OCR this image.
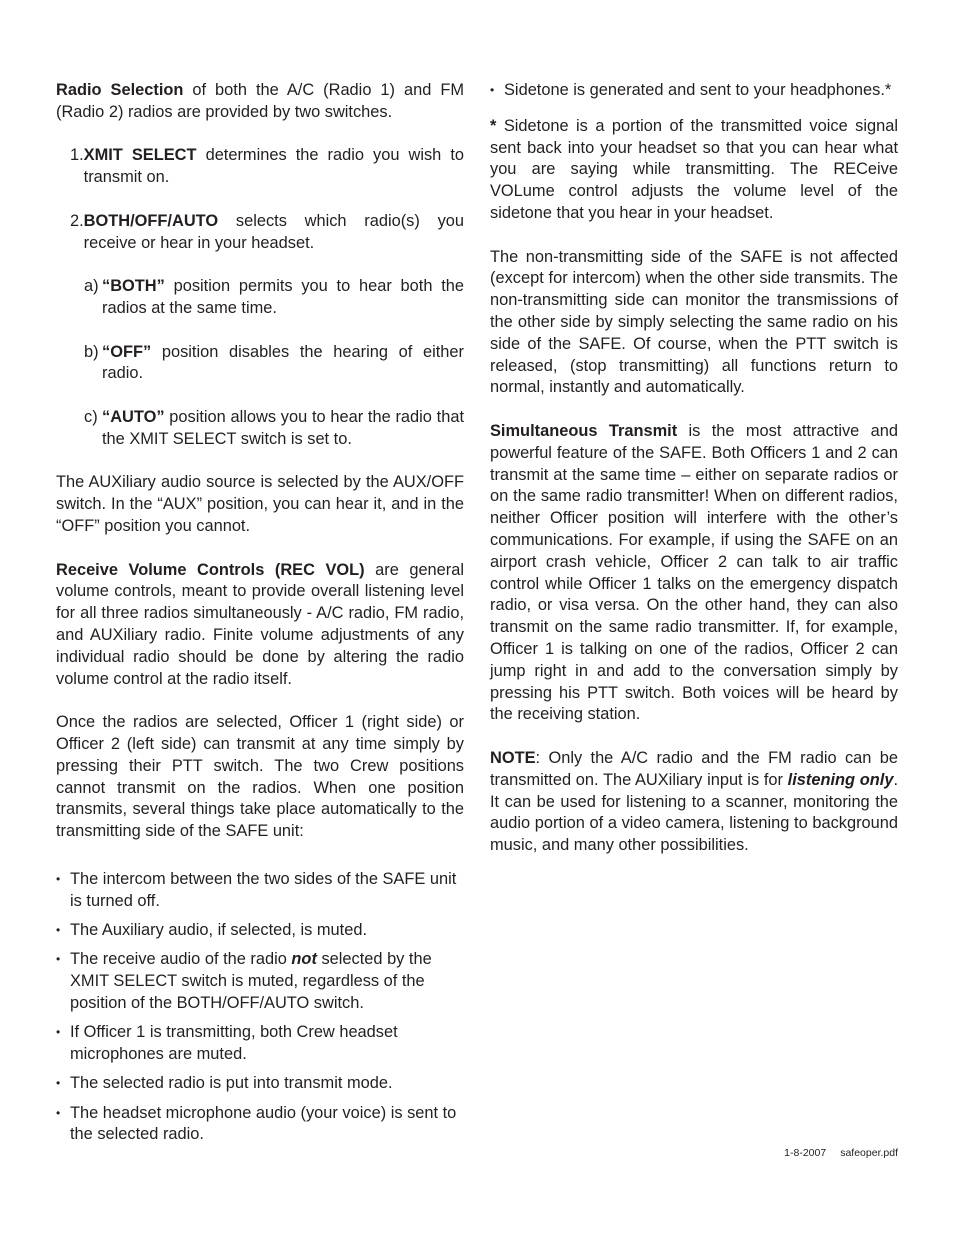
Radio Selection of both the A/C (Radio 1) and FM (Radio 2) radios are provided by two switches.

1. XMIT SELECT determines the radio you wish to transmit on.
2. BOTH/OFF/AUTO selects which radio(s) you receive or hear in your headset.
a) “BOTH” position permits you to hear both the radios at the same time.
b) “OFF” position disables the hearing of either radio.
c) “AUTO” position allows you to hear the radio that the XMIT SELECT switch is set to.

The AUXiliary audio source is selected by the AUX/OFF switch. In the “AUX” position, you can hear it, and in the “OFF” position you cannot.

Receive Volume Controls (REC VOL) are general volume controls, meant to provide overall listening level for all three radios simultaneously - A/C radio, FM radio, and AUXiliary radio. Finite volume adjustments of any individual radio should be done by altering the radio volume control at the radio itself.

Once the radios are selected, Officer 1 (right side) or Officer 2 (left side) can transmit at any time simply by pressing their PTT switch. The two Crew positions cannot transmit on the radios. When one position transmits, several things take place automatically to the transmitting side of the SAFE unit:

• The intercom between the two sides of the SAFE unit is turned off.
• The Auxiliary audio, if selected, is muted.
• The receive audio of the radio not selected by the XMIT SELECT switch is muted, regardless of the position of the BOTH/OFF/AUTO switch.
• If Officer 1 is transmitting, both Crew headset microphones are muted.
• The selected radio is put into transmit mode.
• The headset microphone audio (your voice) is sent to the selected radio.
• Sidetone is generated and sent to your headphones.*

* Sidetone is a portion of the transmitted voice signal sent back into your headset so that you can hear what you are saying while transmitting. The RECeive VOLume control adjusts the volume level of the sidetone that you hear in your headset.

The non-transmitting side of the SAFE is not affected (except for intercom) when the other side transmits. The non-transmitting side can monitor the transmissions of the other side by simply selecting the same radio on his side of the SAFE. Of course, when the PTT switch is released, (stop transmitting) all functions return to normal, instantly and automatically.

Simultaneous Transmit is the most attractive and powerful feature of the SAFE. Both Officers 1 and 2 can transmit at the same time – either on separate radios or on the same radio transmitter! When on different radios, neither Officer position will interfere with the other’s communications. For example, if using the SAFE on an airport crash vehicle, Officer 2 can talk to air traffic control while Officer 1 talks on the emergency dispatch radio, or visa versa. On the other hand, they can also transmit on the same radio transmitter. If, for example, Officer 1 is talking on one of the radios, Officer 2 can jump right in and add to the conversation simply by pressing his PTT switch. Both voices will be heard by the receiving station.

NOTE: Only the A/C radio and the FM radio can be transmitted on. The AUXiliary input is for listening only. It can be used for listening to a scanner, monitoring the audio portion of a video camera, listening to background music, and many other possibilities.

1-8-2007 safeoper.pdf
